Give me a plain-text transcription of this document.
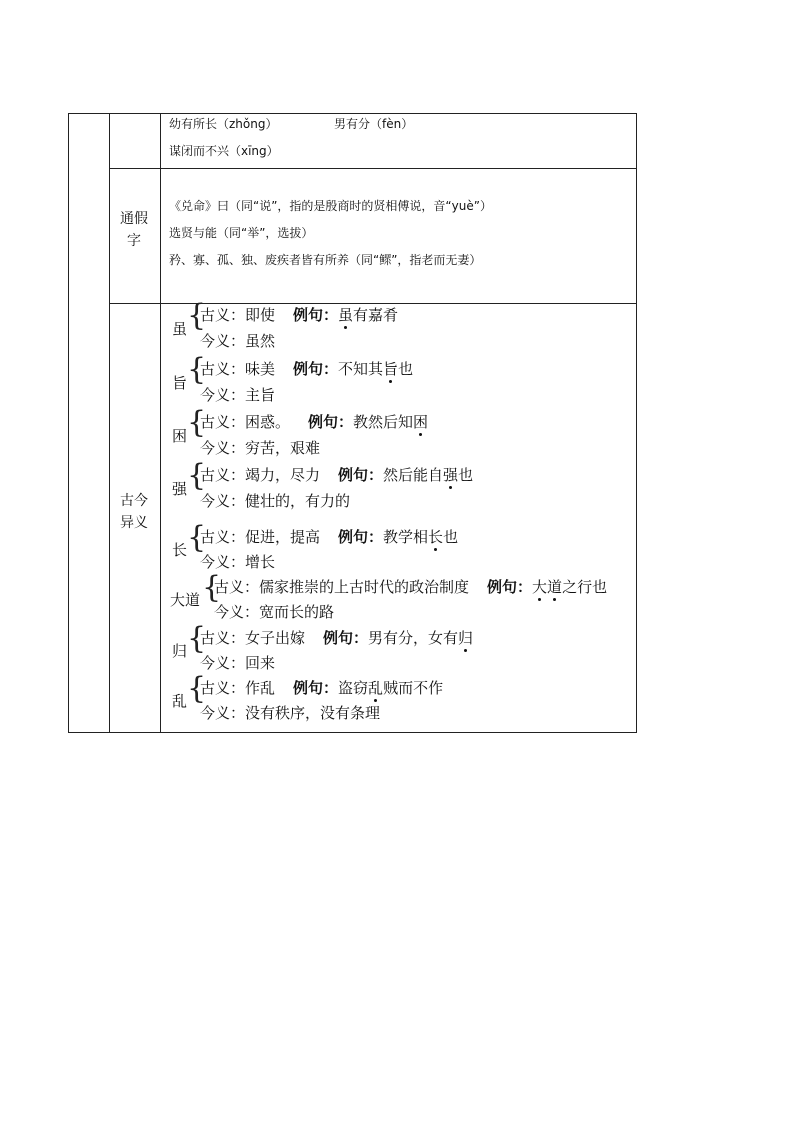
幼有所长（zhǒng）	男有分（fèn）
谋闭而不兴（xīng）
通假字
《兑命》曰（同“说”，指的是殷商时的贤相傅说，音“yuè”）
选贤与能（同“举”，选拔）
矜、寡、孤、独、废疾者皆有所养（同“鳏”，指老而无妻）
古今异义
虽 {
古义：即使 例句：虽有嘉肴
今义：虽然
旨 {
古义：味美 例句：不知其旨也
今义：主旨
困 {
古义：困惑。 例句：教然后知困
今义：穷苦，艰难
强 {
古义：竭力，尽力 例句：然后能自强也
今义：健壮的，有力的
长 {
古义：促进，提高 例句：教学相长也
今义：增长
大道 {
古义：儒家推崇的上古时代的政治制度 例句：大道之行也
今义：宽而长的路
归 {
古义：女子出嫁 例句：男有分，女有归
今义：回来
乱 {
古义：作乱 例句：盗窃乱贼而不作
今义：没有秩序，没有条理
